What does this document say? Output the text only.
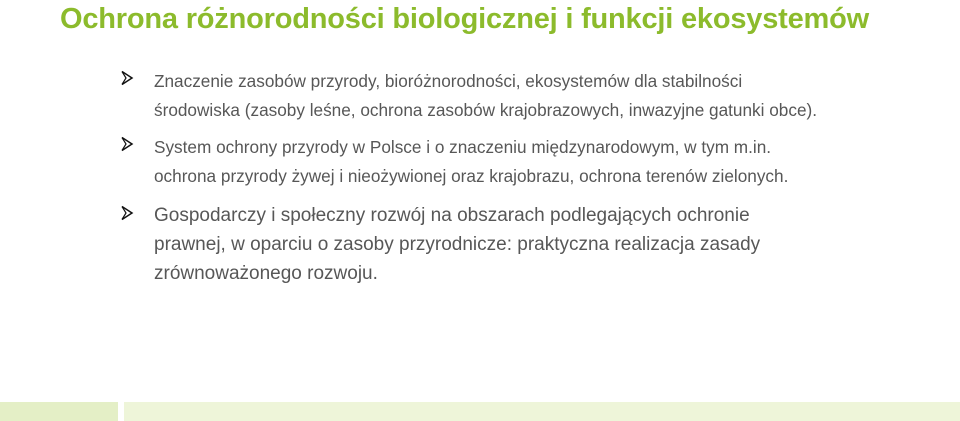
Ochrona różnorodności biologicznej i funkcji ekosystemów
Znaczenie zasobów przyrody, bioróżnorodności, ekosystemów dla stabilności środowiska (zasoby leśne, ochrona zasobów krajobrazowych, inwazyjne gatunki obce).
System ochrony przyrody w Polsce i o znaczeniu międzynarodowym, w tym m.in. ochrona przyrody żywej i nieożywionej oraz krajobrazu, ochrona terenów zielonych.
Gospodarczy i społeczny rozwój na obszarach podlegających ochronie prawnej, w oparciu o zasoby przyrodnicze: praktyczna realizacja zasady zrównoważonego rozwoju.
